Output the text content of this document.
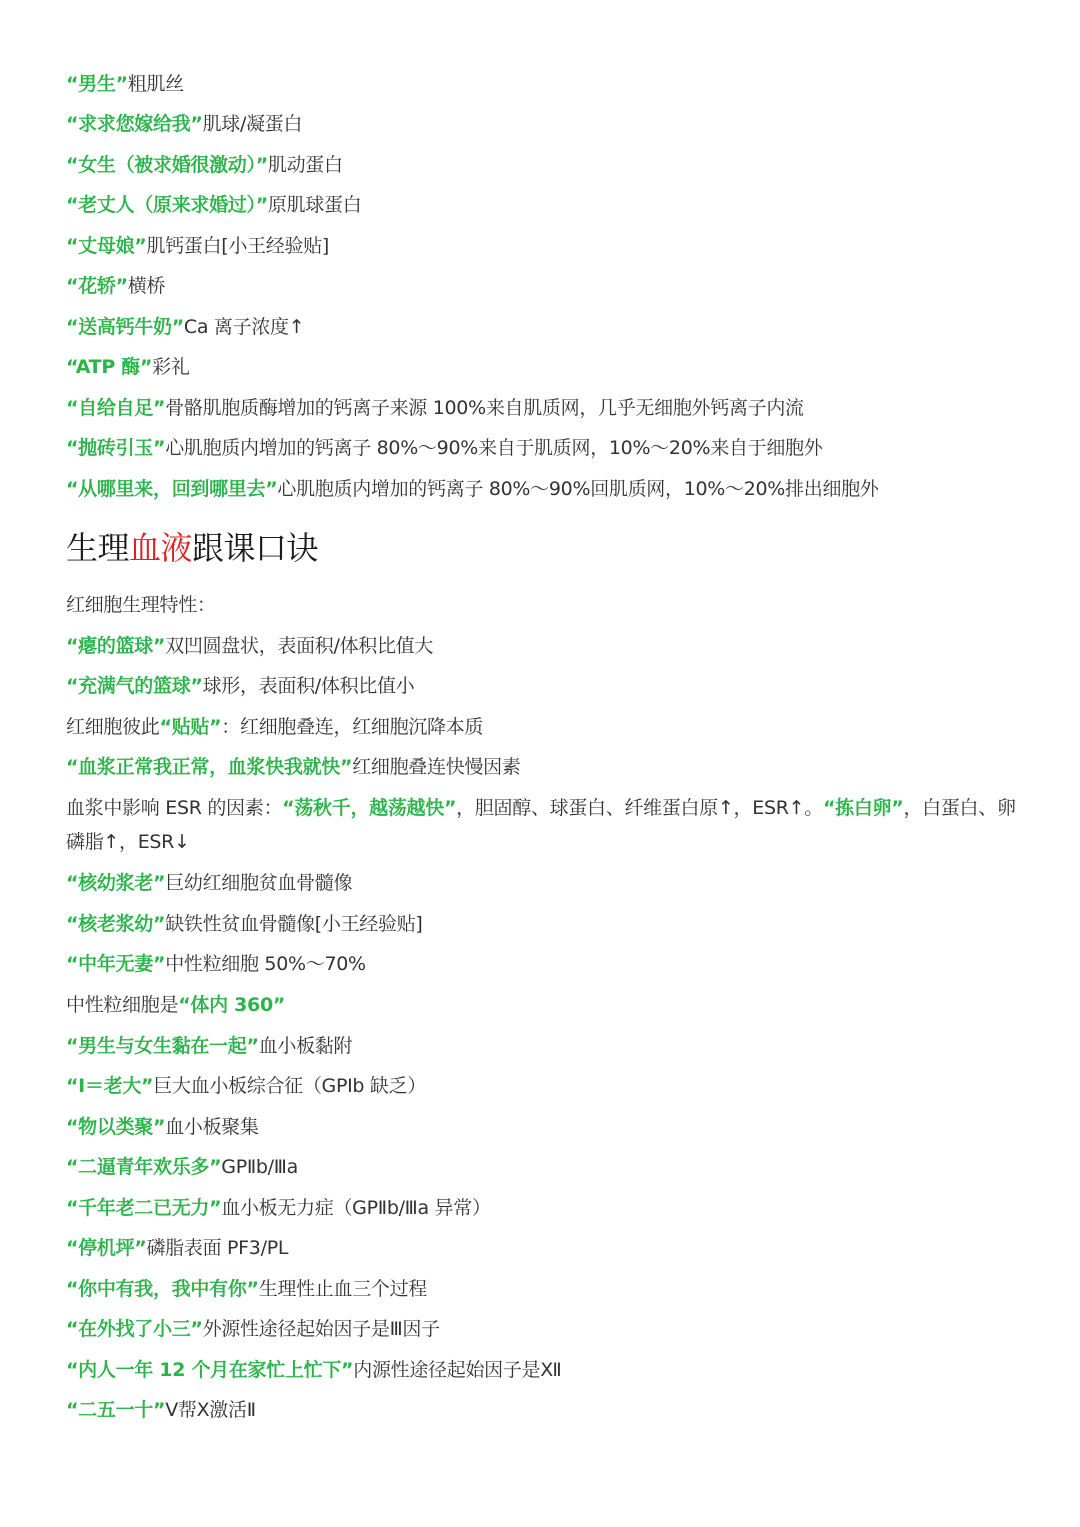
“男生”粗肌丝
“求求您嫁给我”肌球/凝蛋白
“女生（被求婚很激动）”肌动蛋白
“老丈人（原来求婚过）”原肌球蛋白
“丈母娘”肌钙蛋白[小王经验贴]
“花轿”横桥
“送高钙牛奶”Ca 离子浓度↑
“ATP 酶”彩礼
“自给自足”骨骼肌胞质酶增加的钙离子来源 100%来自肌质网，几乎无细胞外钙离子内流
“抛砖引玉”心肌胞质内增加的钙离子 80%～90%来自于肌质网，10%～20%来自于细胞外
“从哪里来，回到哪里去”心肌胞质内增加的钙离子 80%～90%回肌质网，10%～20%排出细胞外
生理血液跟课口诀
红细胞生理特性：
“瘪的篮球”双凹圆盘状，表面积/体积比值大
“充满气的篮球”球形，表面积/体积比值小
红细胞彼此“贴贴”：红细胞叠连，红细胞沉降本质
“血浆正常我正常，血浆快我就快”红细胞叠连快慢因素
血浆中影响 ESR 的因素：“荡秋千，越荡越快”，胆固醇、球蛋白、纤维蛋白原↑，ESR↑。“拣白卵”，白蛋白、卵磷脂↑，ESR↓
“核幼浆老”巨幼红细胞贫血骨髓像
“核老浆幼”缺铁性贫血骨髓像[小王经验贴]
“中年无妻”中性粒细胞 50%～70%
中性粒细胞是“体内 360”
“男生与女生黏在一起”血小板黏附
“Ⅰ＝老大”巨大血小板综合征（GPⅠb 缺乏）
“物以类聚”血小板聚集
“二逼青年欢乐多”GPⅡb/Ⅲa
“千年老二已无力”血小板无力症（GPⅡb/Ⅲa 异常）
“停机坪”磷脂表面 PF3/PL
“你中有我，我中有你”生理性止血三个过程
“在外找了小三”外源性途径起始因子是Ⅲ因子
“内人一年 12 个月在家忙上忙下”内源性途径起始因子是Ⅻ
“二五一十”Ⅴ帮Ⅹ激活Ⅱ
